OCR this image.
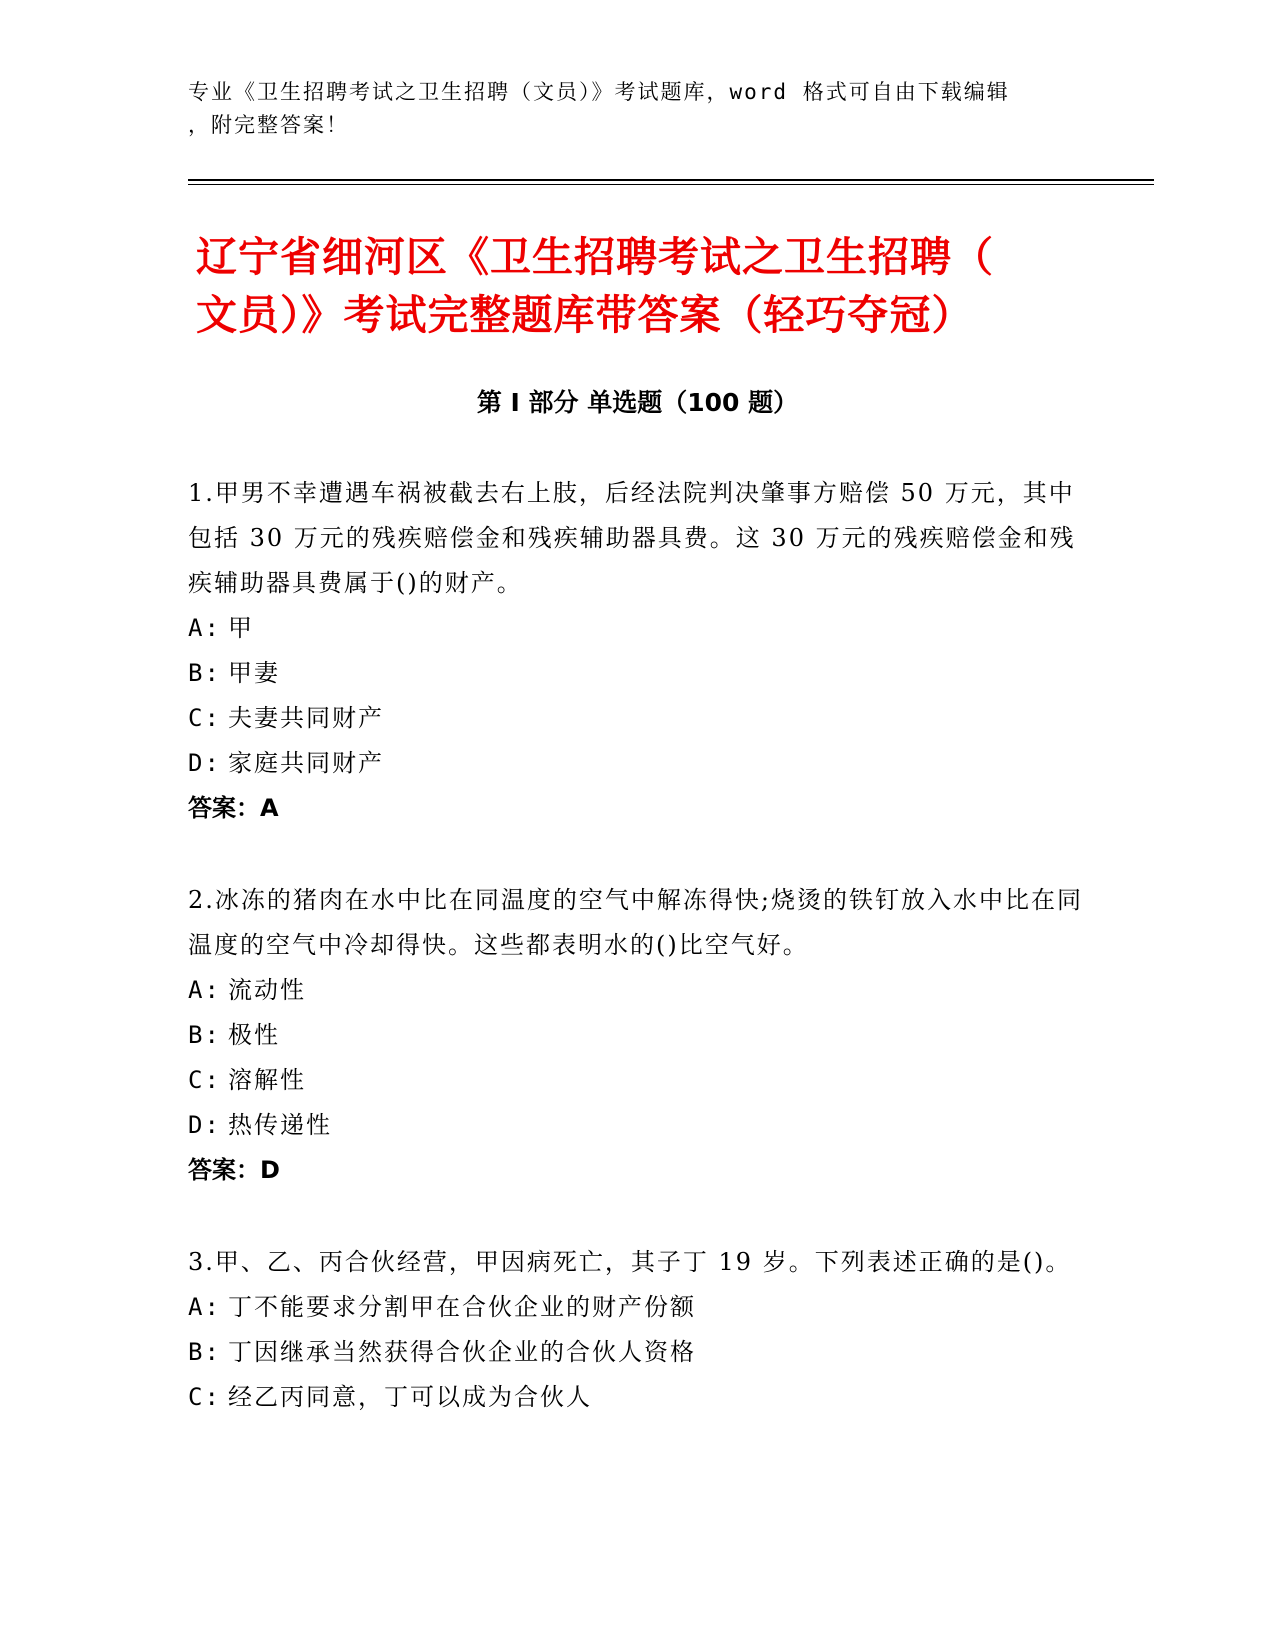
专业《卫生招聘考试之卫生招聘（文员）》考试题库，word 格式可自由下载编辑
，附完整答案！
辽宁省细河区《卫生招聘考试之卫生招聘（
文员）》考试完整题库带答案（轻巧夺冠）
第 I 部分 单选题（100 题）

1.甲男不幸遭遇车祸被截去右上肢，后经法院判决肇事方赔偿 50 万元，其中包括 30 万元的残疾赔偿金和残疾辅助器具费。这 30 万元的残疾赔偿金和残疾辅助器具费属于()的财产。

A: 甲

B: 甲妻

C: 夫妻共同财产

D: 家庭共同财产

答案：A

2.冰冻的猪肉在水中比在同温度的空气中解冻得快;烧烫的铁钉放入水中比在同温度的空气中冷却得快。这些都表明水的()比空气好。

A: 流动性

B: 极性

C: 溶解性

D: 热传递性

答案：D

3.甲、乙、丙合伙经营，甲因病死亡，其子丁 19 岁。下列表述正确的是()。

A: 丁不能要求分割甲在合伙企业的财产份额

B: 丁因继承当然获得合伙企业的合伙人资格

C: 经乙丙同意，丁可以成为合伙人
